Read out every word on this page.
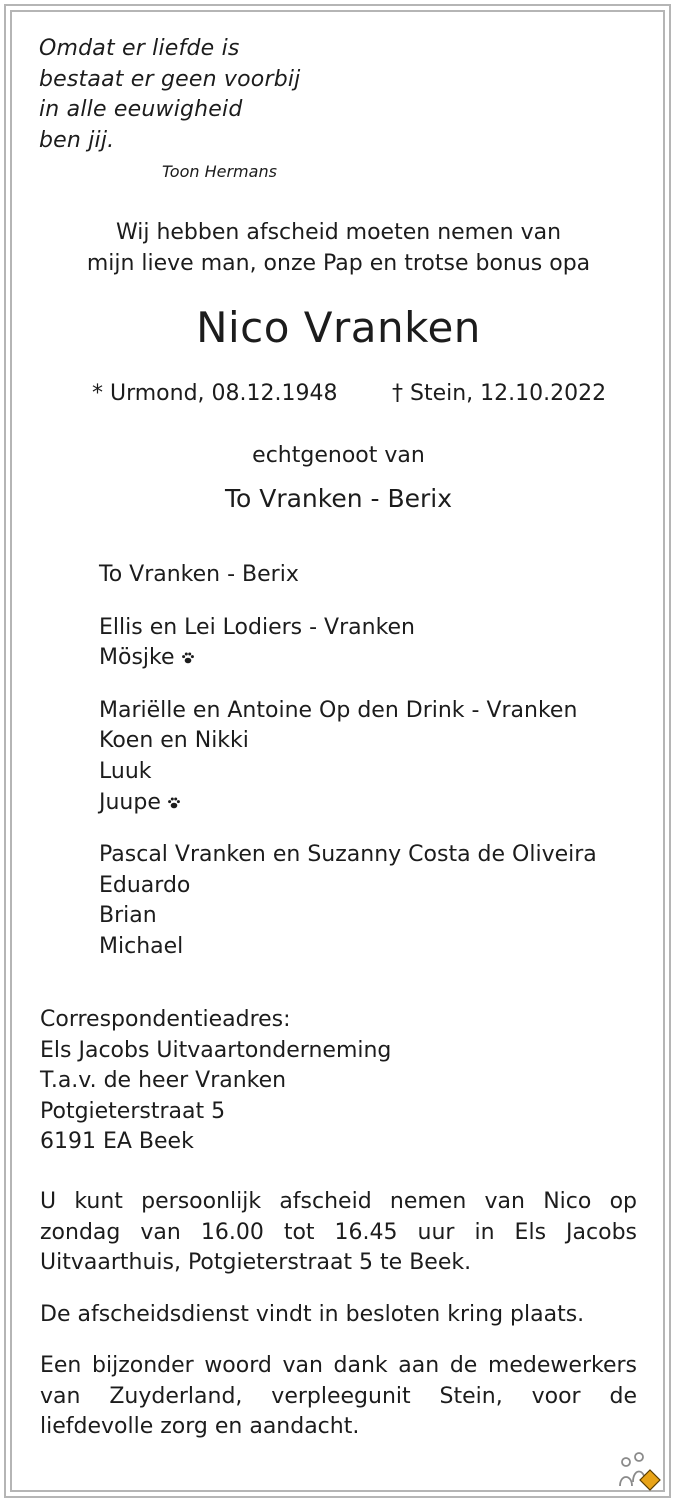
Omdat er liefde is
bestaat er geen voorbij
in alle eeuwigheid
ben jij.
Toon Hermans
Wij hebben afscheid moeten nemen van
mijn lieve man, onze Pap en trotse bonus opa
Nico Vranken
* Urmond, 08.12.1948 † Stein, 12.10.2022
echtgenoot van
To Vranken - Berix
To Vranken - Berix
Ellis en Lei Lodiers - Vranken
Mösjke
Mariëlle en Antoine Op den Drink - Vranken
Koen en Nikki
Luuk
Juupe
Pascal Vranken en Suzanny Costa de Oliveira
Eduardo
Brian
Michael
Correspondentieadres:
Els Jacobs Uitvaartonderneming
T.a.v. de heer Vranken
Potgieterstraat 5
6191 EA Beek

U kunt persoonlijk afscheid nemen van Nico op zondag van 16.00 tot 16.45 uur in Els Jacobs Uitvaarthuis, Potgieterstraat 5 te Beek.

De afscheidsdienst vindt in besloten kring plaats.

Een bijzonder woord van dank aan de medewerkers van Zuyderland, verpleegunit Stein, voor de liefdevolle zorg en aandacht.
